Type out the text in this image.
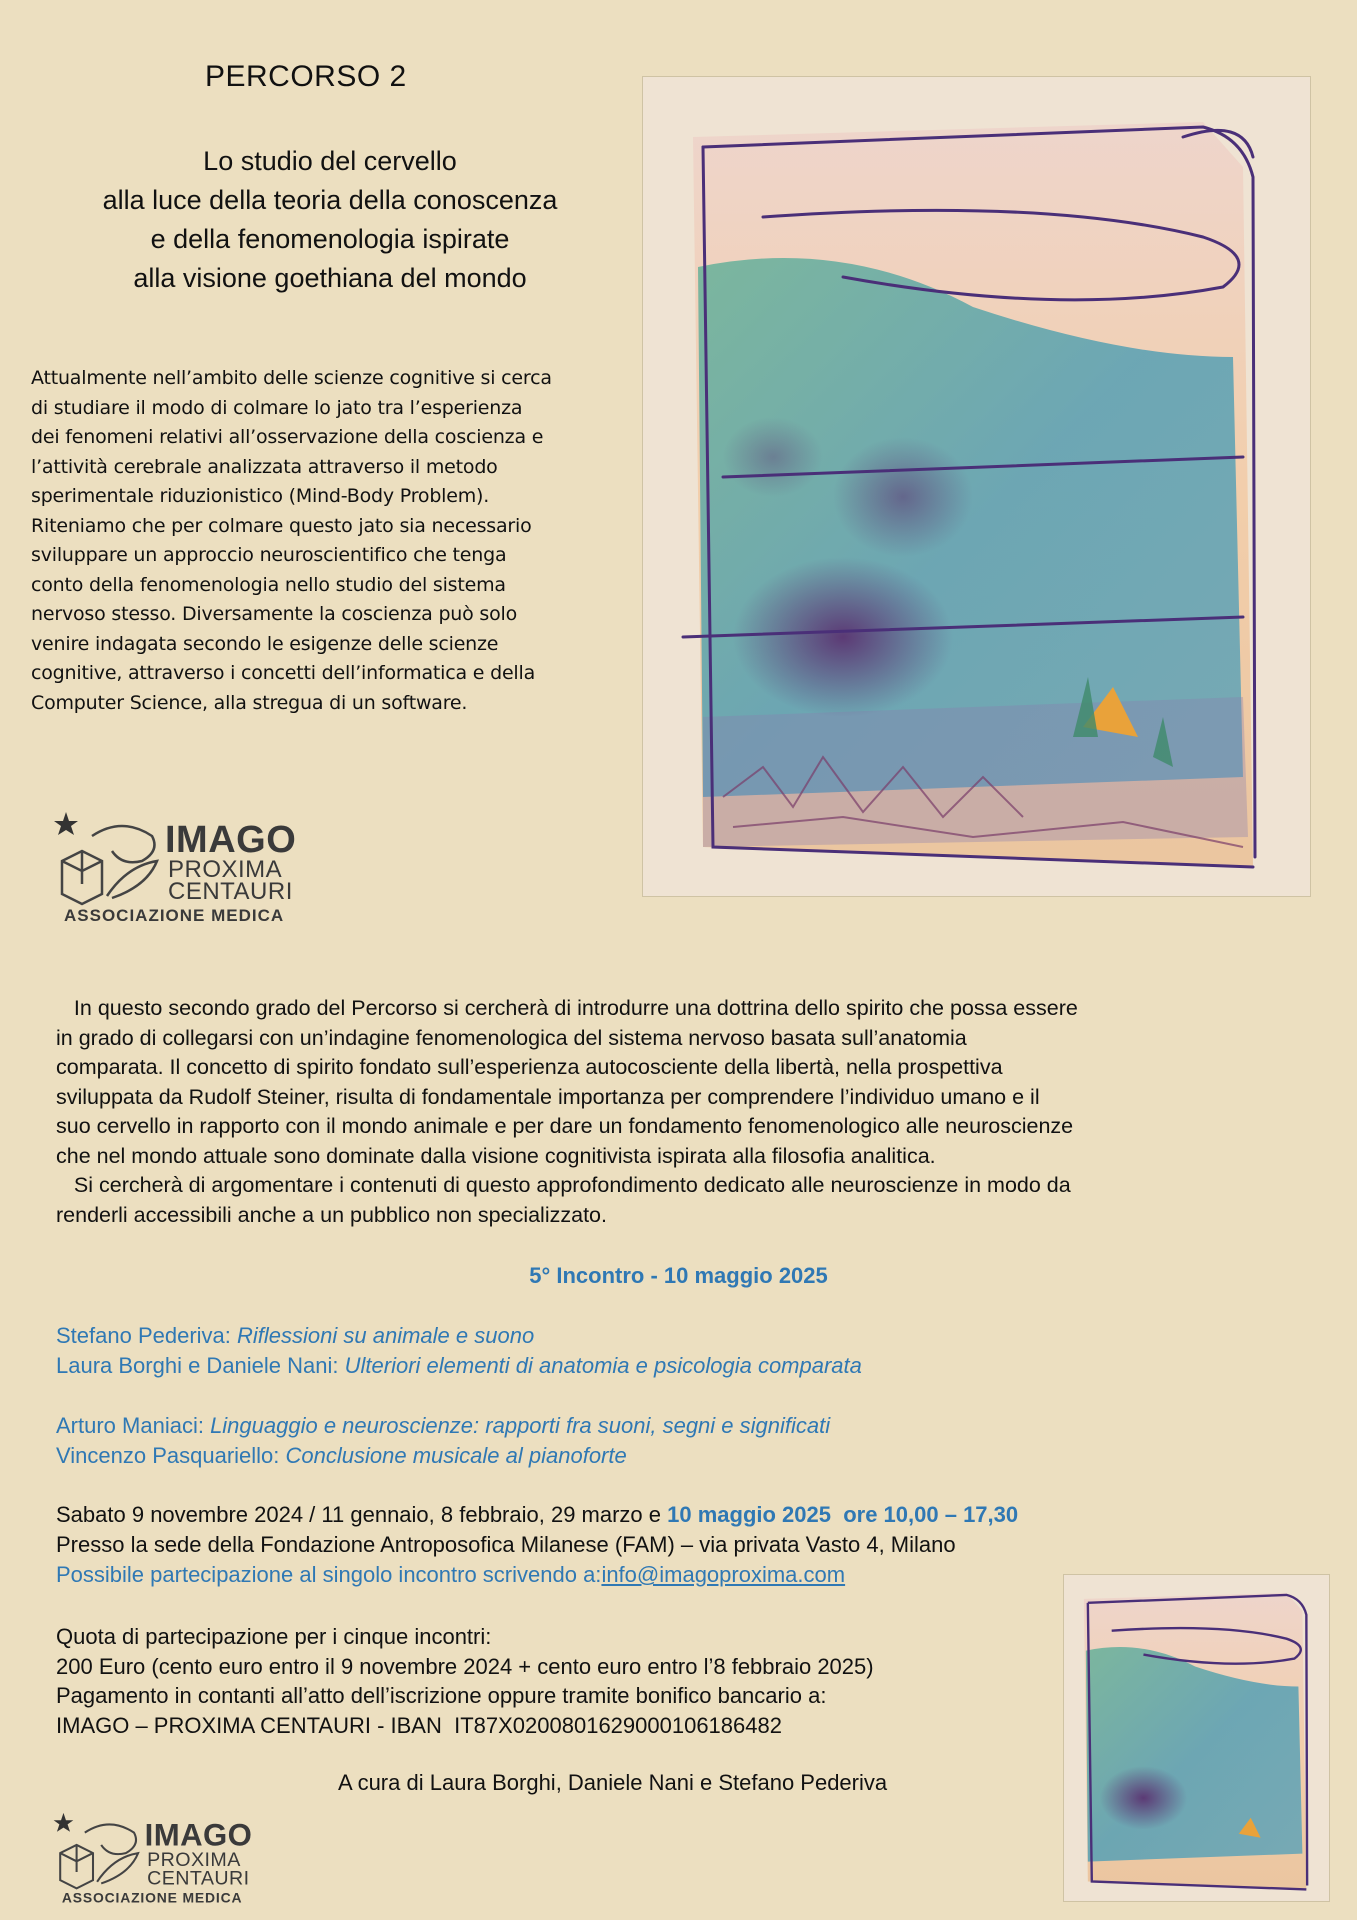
PERCORSO 2
Lo studio del cervello
alla luce della teoria della conoscenza
e della fenomenologia ispirate
alla visione goethiana del mondo
Attualmente nell’ambito delle scienze cognitive si cerca
di studiare il modo di colmare lo jato tra l’esperienza
dei fenomeni relativi all’osservazione della coscienza e
l’attività cerebrale analizzata attraverso il metodo
sperimentale riduzionistico (Mind-Body Problem).
Riteniamo che per colmare questo jato sia necessario
sviluppare un approccio neuroscientifico che tenga
conto della fenomenologia nello studio del sistema
nervoso stesso. Diversamente la coscienza può solo
venire indagata secondo le esigenze delle scienze
cognitive, attraverso i concetti dell’informatica e della
Computer Science, alla stregua di un software.
IMAGO
PROXIMA
CENTAURI
ASSOCIAZIONE MEDICA

In questo secondo grado del Percorso si cercherà di introdurre una dottrina dello spirito che possa essere

in grado di collegarsi con un’indagine fenomenologica del sistema nervoso basata sull’anatomia

comparata. Il concetto di spirito fondato sull’esperienza autocosciente della libertà, nella prospettiva

sviluppata da Rudolf Steiner, risulta di fondamentale importanza per comprendere l’individuo umano e il

suo cervello in rapporto con il mondo animale e per dare un fondamento fenomenologico alle neuroscienze

che nel mondo attuale sono dominate dalla visione cognitivista ispirata alla filosofia analitica.

Si cercherà di argomentare i contenuti di questo approfondimento dedicato alle neuroscienze in modo da

renderli accessibili anche a un pubblico non specializzato.

5° Incontro - 10 maggio 2025
Stefano Pederiva: Riflessioni su animale e suono
Laura Borghi e Daniele Nani: Ulteriori elementi di anatomia e psicologia comparata
Arturo Maniaci: Linguaggio e neuroscienze: rapporti fra suoni, segni e significati
Vincenzo Pasquariello: Conclusione musicale al pianoforte
Sabato 9 novembre 2024 / 11 gennaio, 8 febbraio, 29 marzo e 10 maggio 2025  ore 10,00 – 17,30
Presso la sede della Fondazione Antroposofica Milanese (FAM) – via privata Vasto 4, Milano
Possibile partecipazione al singolo incontro scrivendo a:info@imagoproxima.com
Quota di partecipazione per i cinque incontri:
200 Euro (cento euro entro il 9 novembre 2024 + cento euro entro l’8 febbraio 2025)
Pagamento in contanti all’atto dell’iscrizione oppure tramite bonifico bancario a:
IMAGO – PROXIMA CENTAURI - IBAN  IT87X0200801629000106186482
A cura di Laura Borghi, Daniele Nani e Stefano Pederiva
IMAGO
PROXIMA
CENTAURI
ASSOCIAZIONE MEDICA
